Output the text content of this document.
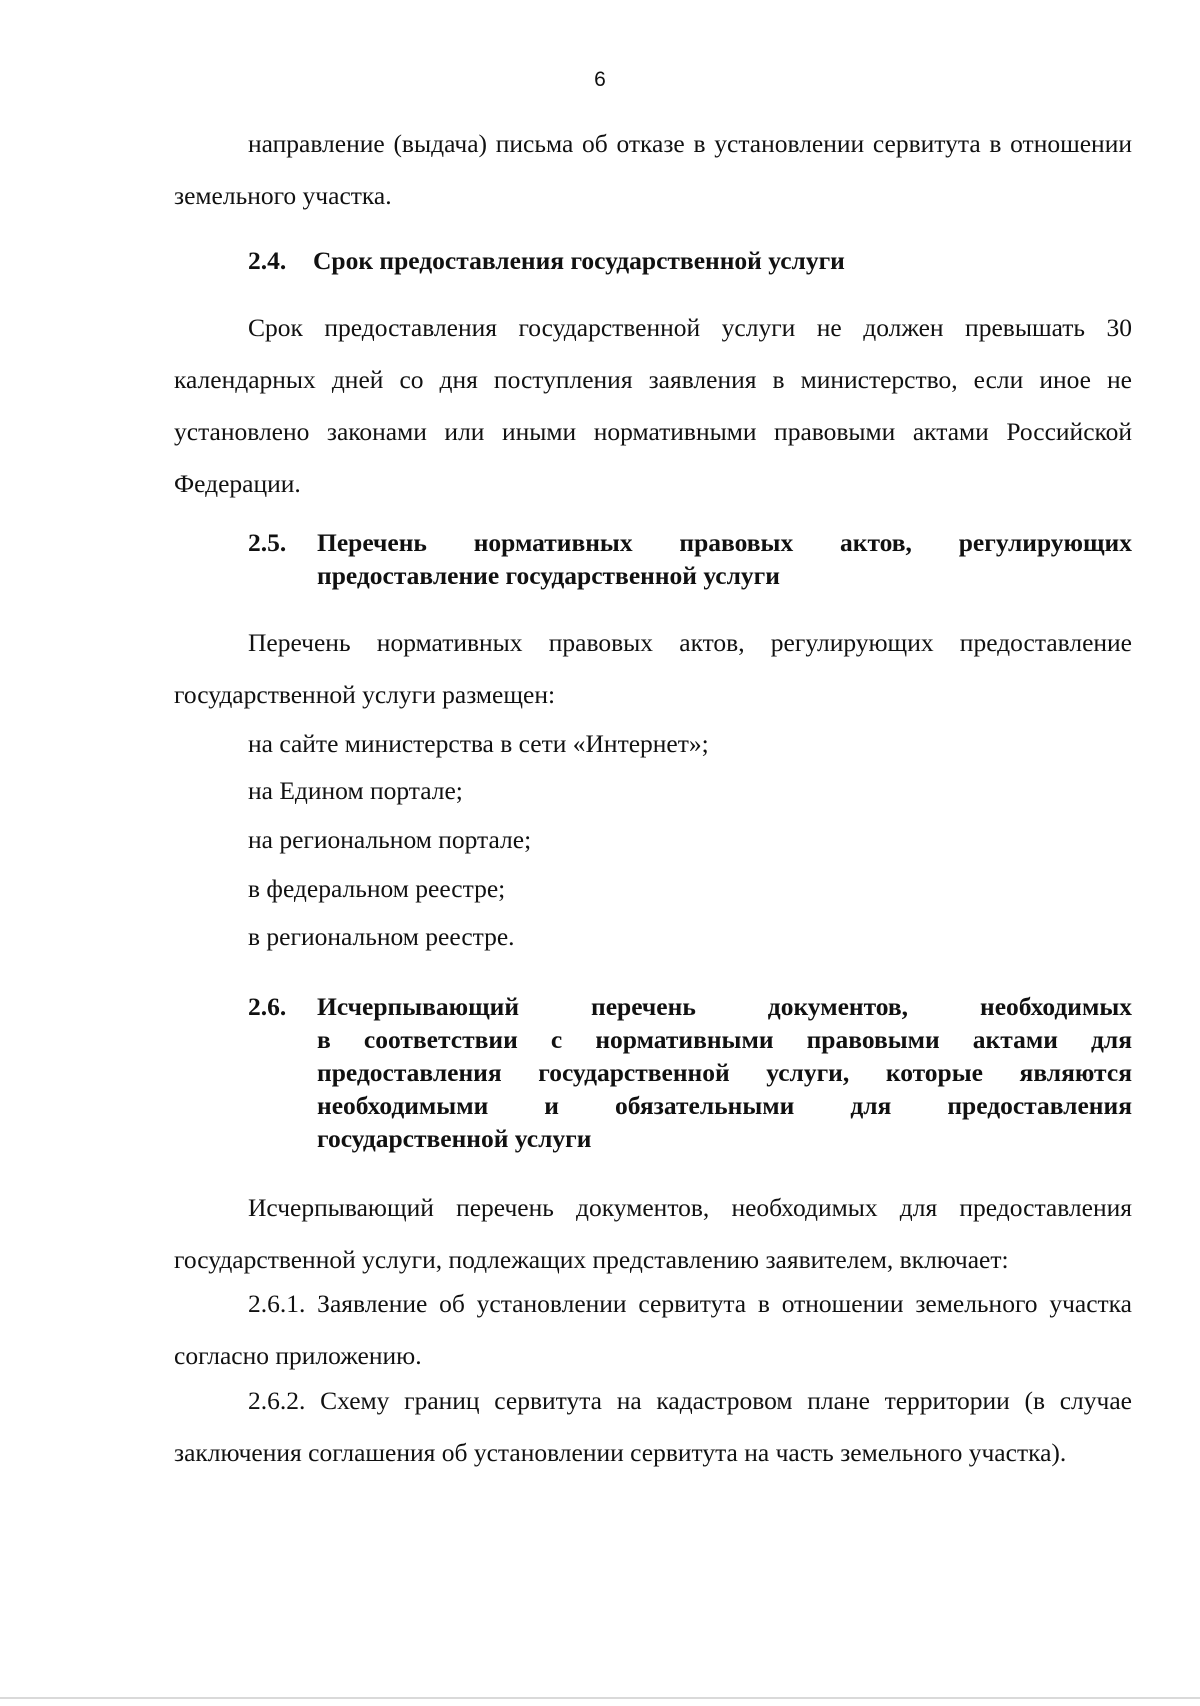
6

направление (выдача) письма об отказе в установлении сервитута в отношении земельного участка.

2.4. Срок предоставления государственной услуги

Срок предоставления государственной услуги не должен превышать 30 календарных дней со дня поступления заявления в министерство, если иное не установлено законами или иными нормативными правовыми актами Российской Федерации.

2.5. Перечень нормативных правовых актов, регулирующих
предоставление государственной услуги

Перечень нормативных правовых актов, регулирующих предоставление государственной услуги размещен:

на сайте министерства в сети «Интернет»;
на Едином портале;
на региональном портале;
в федеральном реестре;
в региональном реестре.
2.6. Исчерпывающий перечень документов, необходимых
в соответствии с нормативными правовыми актами для
предоставления государственной услуги, которые являются
необходимыми и обязательными для предоставления
государственной услуги

Исчерпывающий перечень документов, необходимых для предоставления государственной услуги, подлежащих представлению заявителем, включает:

2.6.1. Заявление об установлении сервитута в отношении земельного участка согласно приложению.

2.6.2. Схему границ сервитута на кадастровом плане территории (в случае заключения соглашения об установлении сервитута на часть земельного участка).
